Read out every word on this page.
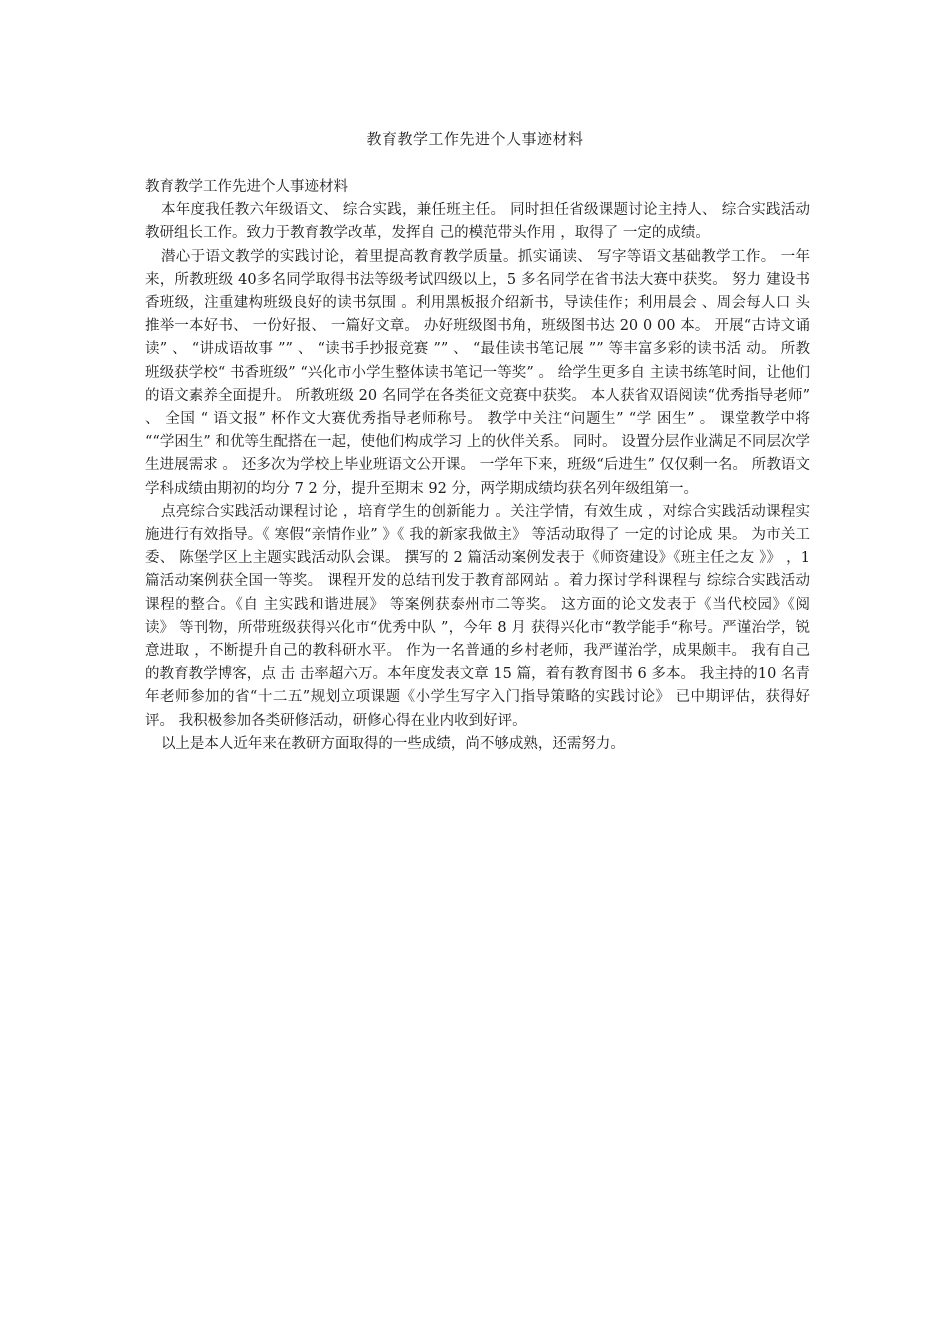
教育教学工作先进个人事迹材料

教育教学工作先进个人事迹材料

本年度我任教六年级语文、 综合实践，兼任班主任。 同时担任省级课题讨论主持人、 综合实践活动教研组长工作。致力于教育教学改革，发挥自 己的模范带头作用 ，取得了 一定的成绩。

潜心于语文教学的实践讨论，着里提高教育教学质量。抓实诵读、 写字等语文基础教学工作。 一年来，所教班级 40多名同学取得书法等级考试四级以上，5 多名同学在省书法大赛中获奖。 努力 建设书香班级，注重建构班级良好的读书氛围 。利用黑板报介绍新书，导读佳作；利用晨会 、周会每人口 头推举一本好书、 一份好报、 一篇好文章。 办好班级图书角，班级图书达 20 0 00 本。 开展“古诗文诵读” 、 “讲成语故事 ”” 、 “读书手抄报竞赛 ”” 、 “最佳读书笔记展 ”” 等丰富多彩的读书活 动。 所教班级获学校“ 书香班级” “兴化市小学生整体读书笔记一等奖” 。 给学生更多自 主读书练笔时间，让他们的语文素养全面提升。 所教班级 20 名同学在各类征文竞赛中获奖。 本人获省双语阅读“优秀指导老师” 、 全国 “ 语文报” 杯作文大赛优秀指导老师称号。 教学中关注“问题生” “学 困生” 。 课堂教学中将 ““学困生” 和优等生配搭在一起，使他们构成学习 上的伙伴关系。 同时。 设置分层作业满足不同层次学生进展需求 。 还多次为学校上毕业班语文公开课。 一学年下来，班级“后进生” 仅仅剩一名。 所教语文学科成绩由期初的均分 7 2 分，提升至期末 92 分，两学期成绩均获名列年级组第一。

点亮综合实践活动课程讨论 ，培育学生的创新能力 。关注学情，有效生成 ，对综合实践活动课程实施进行有效指导。《 寒假“亲情作业” 》《 我的新家我做主》 等活动取得了 一定的讨论成 果。 为市关工委、 陈堡学区上主题实践活动队会课。 撰写的 2 篇活动案例发表于《师资建设》《班主任之友 》》 ，1 篇活动案例获全国一等奖。 课程开发的总结刊发于教育部网站 。着力探讨学科课程与 综综合实践活动课程的整合。《自 主实践和谐进展》 等案例获泰州市二等奖。 这方面的论文发表于《当代校园》《阅读》 等刊物，所带班级获得兴化市“优秀中队 ”，今年 8 月 获得兴化市“教学能手“称号。严谨治学，锐意进取 ，不断提升自己的教科研水平。 作为一名普通的乡村老师，我严谨治学，成果颇丰。 我有自己的教育教学博客，点 击 击率超六万。本年度发表文章 15 篇，着有教育图书 6 多本。 我主持的10 名青年老师参加的省“十二五”规划立项课题《小学生写字入门指导策略的实践讨论》 已中期评估，获得好评。 我积极参加各类研修活动，研修心得在业内收到好评。

以上是本人近年来在教研方面取得的一些成绩，尚不够成熟，还需努力。
